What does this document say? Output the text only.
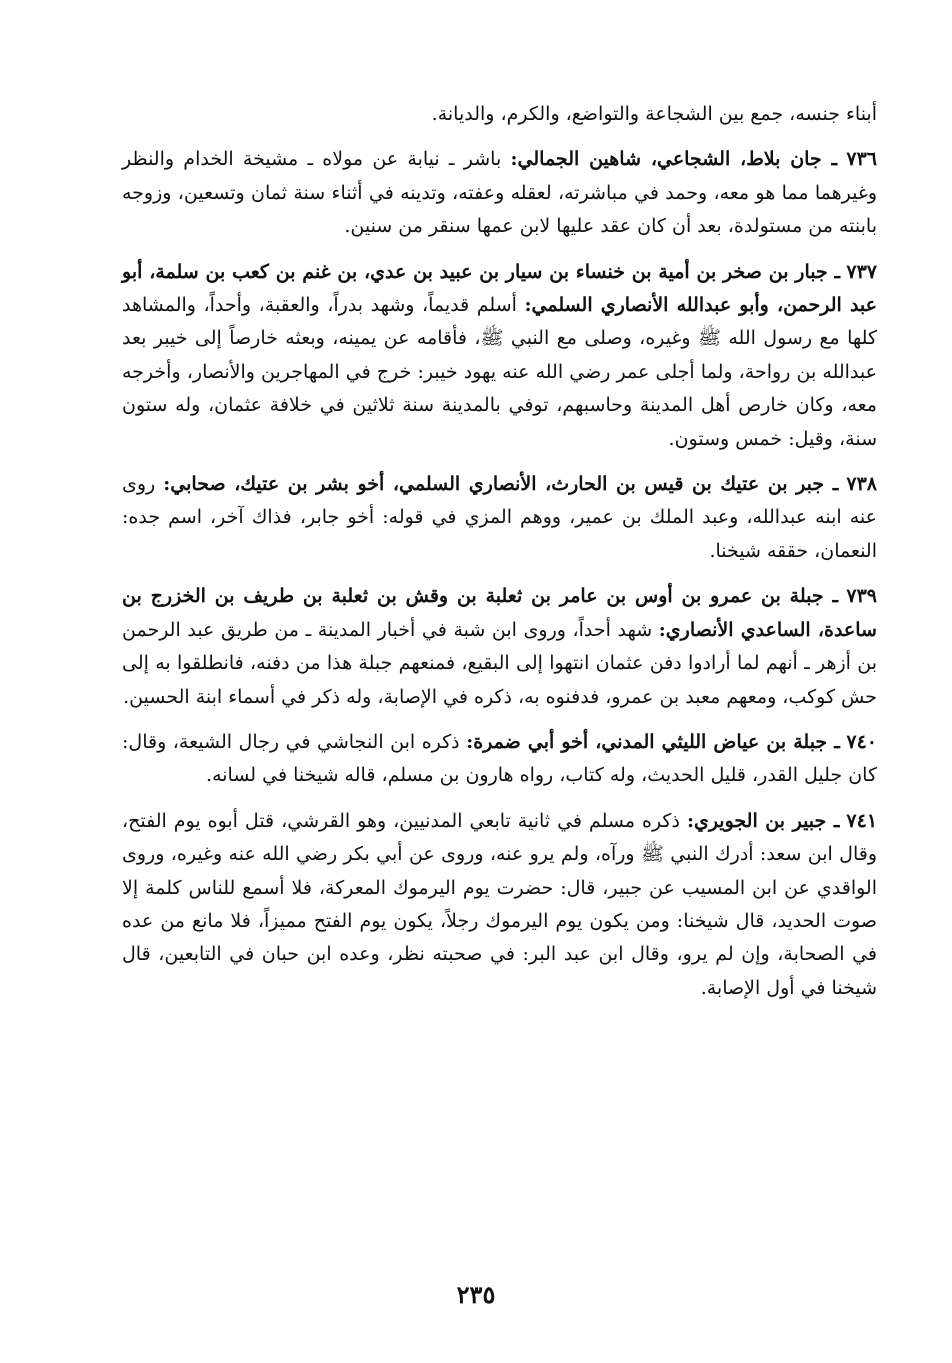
أبناء جنسه، جمع بين الشجاعة والتواضع، والكرم، والديانة.

٧٣٦ ـ جان بلاط، الشجاعي، شاهين الجمالي: باشر ـ نيابة عن مولاه ـ مشيخة الخدام والنظر وغيرهما مما هو معه، وحمد في مباشرته، لعقله وعفته، وتدينه في أثناء سنة ثمان وتسعين، وزوجه بابنته من مستولدة، بعد أن كان عقد عليها لابن عمها سنقر من سنين.

٧٣٧ ـ جبار بن صخر بن أمية بن خنساء بن سيار بن عبيد بن عدي، بن غنم بن كعب بن سلمة، أبو عبد الرحمن، وأبو عبدالله الأنصاري السلمي: أسلم قديماً، وشهد بدراً، والعقبة، وأحداً، والمشاهد كلها مع رسول الله ﷺ وغيره، وصلى مع النبي ﷺ، فأقامه عن يمينه، وبعثه خارصاً إلى خيبر بعد عبدالله بن رواحة، ولما أجلى عمر رضي الله عنه يهود خيبر: خرج في المهاجرين والأنصار، وأخرجه معه، وكان خارص أهل المدينة وحاسبهم، توفي بالمدينة سنة ثلاثين في خلافة عثمان، وله ستون سنة، وقيل: خمس وستون.

٧٣٨ ـ جبر بن عتيك بن قيس بن الحارث، الأنصاري السلمي، أخو بشر بن عتيك، صحابي: روى عنه ابنه عبدالله، وعبد الملك بن عمير، ووهم المزي في قوله: أخو جابر، فذاك آخر، اسم جده: النعمان، حققه شيخنا.

٧٣٩ ـ جبلة بن عمرو بن أوس بن عامر بن ثعلبة بن وقش بن ثعلبة بن طريف بن الخزرج بن ساعدة، الساعدي الأنصاري: شهد أحداً، وروى ابن شبة في أخبار المدينة ـ من طريق عبد الرحمن بن أزهر ـ أنهم لما أرادوا دفن عثمان انتهوا إلى البقيع، فمنعهم جبلة هذا من دفنه، فانطلقوا به إلى حش كوكب، ومعهم معبد بن عمرو، فدفنوه به، ذكره في الإصابة، وله ذكر في أسماء ابنة الحسين.

٧٤٠ ـ جبلة بن عياض الليثي المدني، أخو أبي ضمرة: ذكره ابن النجاشي في رجال الشيعة، وقال: كان جليل القدر، قليل الحديث، وله كتاب، رواه هارون بن مسلم، قاله شيخنا في لسانه.

٧٤١ ـ جبير بن الجويري: ذكره مسلم في ثانية تابعي المدنيين، وهو القرشي، قتل أبوه يوم الفتح، وقال ابن سعد: أدرك النبي ﷺ ورآه، ولم يرو عنه، وروى عن أبي بكر رضي الله عنه وغيره، وروى الواقدي عن ابن المسيب عن جبير، قال: حضرت يوم اليرموك المعركة، فلا أسمع للناس كلمة إلا صوت الحديد، قال شيخنا: ومن يكون يوم اليرموك رجلاً، يكون يوم الفتح مميزاً، فلا مانع من عده في الصحابة، وإن لم يرو، وقال ابن عبد البر: في صحبته نظر، وعده ابن حبان في التابعين، قال شيخنا في أول الإصابة.

٢٣٥
